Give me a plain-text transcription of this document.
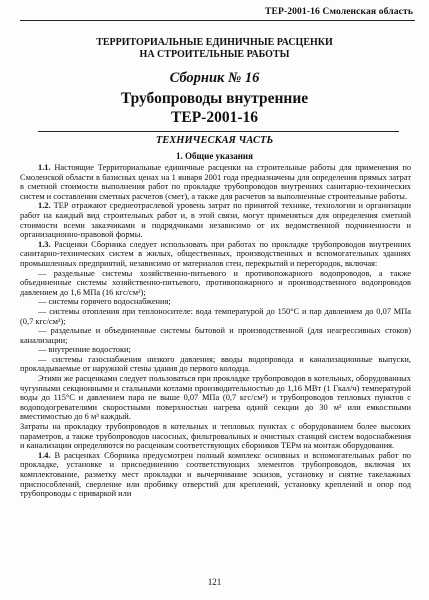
ТЕР-2001-16 Смоленская область
ТЕРРИТОРИАЛЬНЫЕ ЕДИНИЧНЫЕ РАСЦЕНКИ
НА СТРОИТЕЛЬНЫЕ РАБОТЫ
Сборник № 16
Трубопроводы внутренние
ТЕР-2001-16
ТЕХНИЧЕСКАЯ ЧАСТЬ
1. Общие указания

1.1. Настоящие Территориальные единичные расценки на строительные работы для применения по Смоленской области в базисных ценах на 1 января 2001 года предназначены для определения прямых затрат в сметной стоимости выполнения работ по прокладке трубопроводов внутренних санитарно-технических систем и составления сметных расчетов (смет), а также для расчетов за выполненные строительные работы.

1.2. ТЕР отражают среднеотраслевой уровень затрат по принятой технике, технологии и организации работ на каждый вид строительных работ и, в этой связи, могут применяться для определения сметной стоимости всеми заказчиками и подрядчиками независимо от их ведомственной подчиненности и организационно-правовой формы.

1.3. Расценки Сборника следует использовать при работах по прокладке трубопроводов внутренних санитарно-технических систем в жилых, общественных, производственных и вспомогательных зданиях промышленных предприятий, независимо от материалов стен, перекрытий и перегородок, включая:

— раздельные системы хозяйственно-питьевого и противопожарного водопроводов, а также объединенные системы хозяйственно-питьевого, противопожарного и производственного водопроводов давлением до 1,6 МПа (16 кгс/см²);

— системы горячего водоснабжения;

— системы отопления при теплоносителе: вода температурой до 150°С и пар давлением до 0,07 МПа (0,7 кгс/см²);

— раздельные и объединенные системы бытовой и производственной (для неагрессивных стоков) канализации;

— внутренние водостоки;

— системы газоснабжения низкого давления; вводы водопровода и канализационные выпуски, прокладываемые от наружной стены здания до первого колодца.

Этими же расценками следует пользоваться при прокладке трубопроводов в котельных, оборудованных чугунными секционными и стальными котлами производительностью до 1,16 МВт (1 Гкал/ч) температурой воды до 115°С и давлением пара не выше 0,07 МПа (0,7 кгс/см²) и трубопроводов тепловых пунктов с водоподогревателями скоростными поверхностью нагрева одной секции до 30 м² или емкостными вместимостью до 6 м³ каждый.

Затраты на прокладку трубопроводов в котельных и тепловых пунктах с оборудованием более высоких параметров, а также трубопроводов насосных, фильтровальных и очистных станций систем водоснабжения и канализации определяются по расценкам соответствующих сборников ТЕРм на монтаж оборудования.

1.4. В расценках Сборника предусмотрен полный комплекс основных и вспомогательных работ по прокладке, установке и присоединению соответствующих элементов трубопроводов, включая их комплектование, разметку мест прокладки и вычерчивание эскизов, установку и снятие такелажных приспособлений, сверление или пробивку отверстий для креплений, установку креплений и опор под трубопроводы с приваркой или

121
